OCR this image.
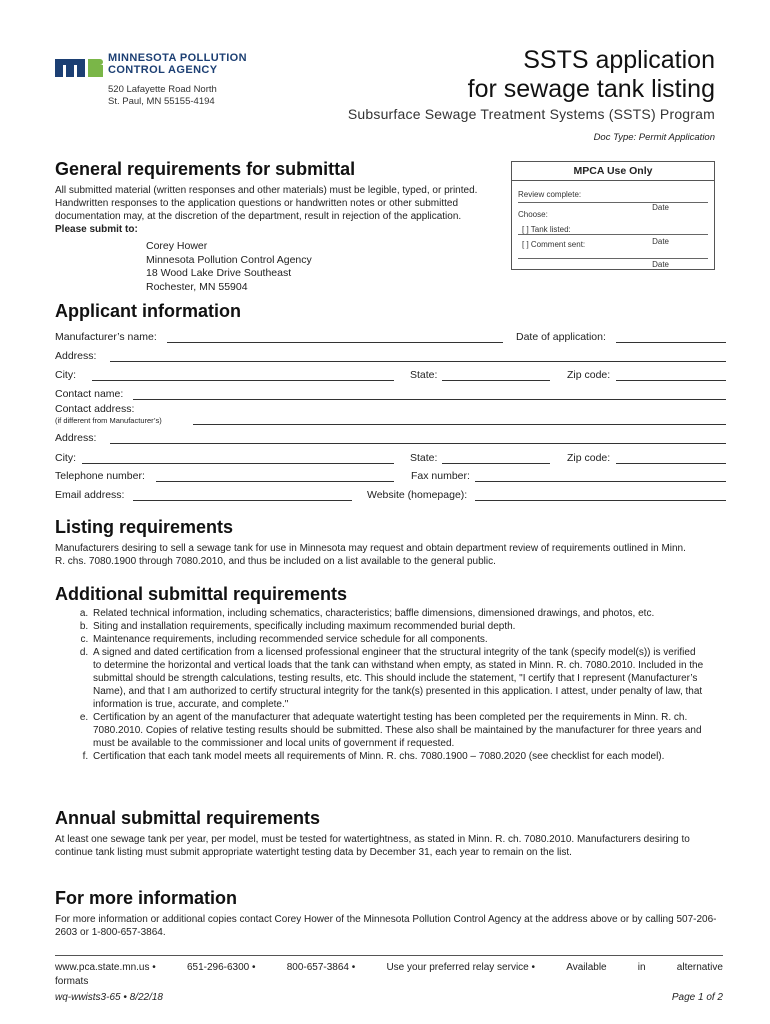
MINNESOTA POLLUTION
CONTROL AGENCY
520 Lafayette Road North
St. Paul, MN 55155-4194
SSTS application
for sewage tank listing
Subsurface Sewage Treatment Systems (SSTS) Program
Doc Type: Permit Application
General requirements for submittal
All submitted material (written responses and other materials) must be legible, typed, or printed. Handwritten responses to the application questions or handwritten notes or other submitted documentation may, at the discretion of the department, result in rejection of the application. Please submit to:
Corey Hower
Minnesota Pollution Control Agency
18 Wood Lake Drive Southeast
Rochester, MN 55904
MPCA Use Only
Review complete:
Date
Choose:
[ ] Tank listed:
Date
[ ] Comment sent:
Date
Applicant information
Manufacturer’s name:	Date of application:
Address:
City:	State:	Zip code:
Contact name:
Contact address:
(if different from Manufacturer’s)
Address:
City:	State:	Zip code:
Telephone number:	Fax number:
Email address:	Website (homepage):
Listing requirements
Manufacturers desiring to sell a sewage tank for use in Minnesota may request and obtain department review of requirements outlined in Minn. R. chs. 7080.1900 through 7080.2010, and thus be included on a list available to the general public.
Additional submittal requirements
a. Related technical information, including schematics, characteristics; baffle dimensions, dimensioned drawings, and photos, etc.
b. Siting and installation requirements, specifically including maximum recommended burial depth.
c. Maintenance requirements, including recommended service schedule for all components.
d. A signed and dated certification from a licensed professional engineer that the structural integrity of the tank (specify model(s)) is verified to determine the horizontal and vertical loads that the tank can withstand when empty, as stated in Minn. R. ch. 7080.2010. Included in the submittal should be strength calculations, testing results, etc. This should include the statement, "I certify that I represent (Manufacturer’s Name), and that I am authorized to certify structural integrity for the tank(s) presented in this application. I attest, under penalty of law, that information is true, accurate, and complete."
e. Certification by an agent of the manufacturer that adequate watertight testing has been completed per the requirements in Minn. R. ch. 7080.2010. Copies of relative testing results should be submitted. These also shall be maintained by the manufacturer for three years and must be available to the commissioner and local units of government if requested.
f. Certification that each tank model meets all requirements of Minn. R. chs. 7080.1900 – 7080.2020 (see checklist for each model).
Annual submittal requirements
At least one sewage tank per year, per model, must be tested for watertightness, as stated in Minn. R. ch. 7080.2010. Manufacturers desiring to continue tank listing must submit appropriate watertight testing data by December 31, each year to remain on the list.
For more information
For more information or additional copies contact Corey Hower of the Minnesota Pollution Control Agency at the address above or by calling 507-206-2603 or 1-800-657-3864.
www.pca.state.mn.us •	651-296-6300 •	800-657-3864 •	Use your preferred relay service •	Available	in	alternative
formats
wq-wwists3-65 • 8/22/18	Page 1 of 2
